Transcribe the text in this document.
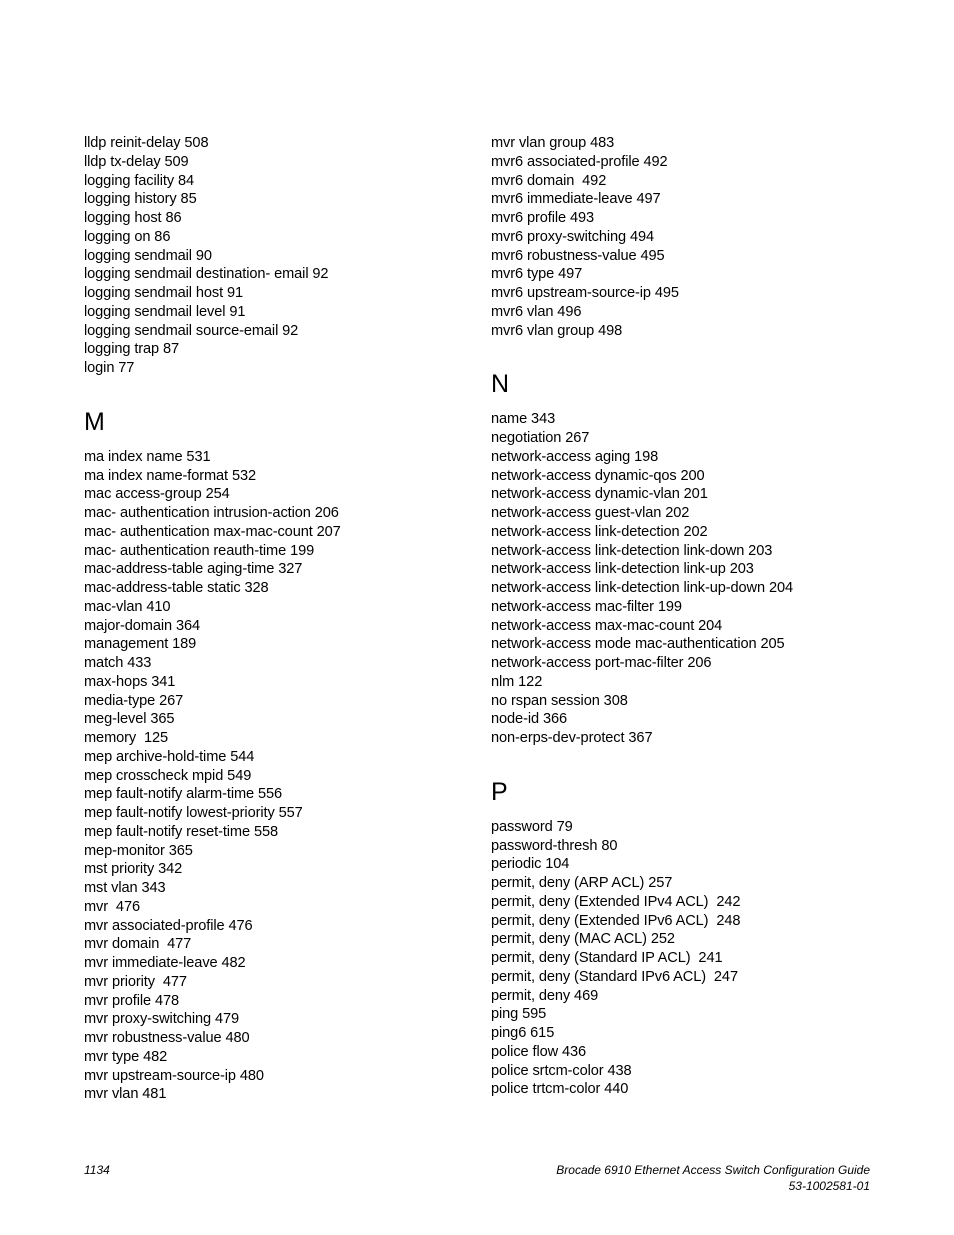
lldp reinit-delay 508
lldp tx-delay 509
logging facility 84
logging history 85
logging host 86
logging on 86
logging sendmail 90
logging sendmail destination- email 92
logging sendmail host 91
logging sendmail level 91
logging sendmail source-email 92
logging trap 87
login 77
M
ma index name 531
ma index name-format 532
mac access-group 254
mac- authentication intrusion-action 206
mac- authentication max-mac-count 207
mac- authentication reauth-time 199
mac-address-table aging-time 327
mac-address-table static 328
mac-vlan 410
major-domain 364
management 189
match 433
max-hops 341
media-type 267
meg-level 365
memory  125
mep archive-hold-time 544
mep crosscheck mpid 549
mep fault-notify alarm-time 556
mep fault-notify lowest-priority 557
mep fault-notify reset-time 558
mep-monitor 365
mst priority 342
mst vlan 343
mvr  476
mvr associated-profile 476
mvr domain  477
mvr immediate-leave 482
mvr priority  477
mvr profile 478
mvr proxy-switching 479
mvr robustness-value 480
mvr type 482
mvr upstream-source-ip 480
mvr vlan 481
mvr vlan group 483
mvr6 associated-profile 492
mvr6 domain  492
mvr6 immediate-leave 497
mvr6 profile 493
mvr6 proxy-switching 494
mvr6 robustness-value 495
mvr6 type 497
mvr6 upstream-source-ip 495
mvr6 vlan 496
mvr6 vlan group 498
N
name 343
negotiation 267
network-access aging 198
network-access dynamic-qos 200
network-access dynamic-vlan 201
network-access guest-vlan 202
network-access link-detection 202
network-access link-detection link-down 203
network-access link-detection link-up 203
network-access link-detection link-up-down 204
network-access mac-filter 199
network-access max-mac-count 204
network-access mode mac-authentication 205
network-access port-mac-filter 206
nlm 122
no rspan session 308
node-id 366
non-erps-dev-protect 367
P
password 79
password-thresh 80
periodic 104
permit, deny (ARP ACL) 257
permit, deny (Extended IPv4 ACL)  242
permit, deny (Extended IPv6 ACL)  248
permit, deny (MAC ACL) 252
permit, deny (Standard IP ACL)  241
permit, deny (Standard IPv6 ACL)  247
permit, deny 469
ping 595
ping6 615
police flow 436
police srtcm-color 438
police trtcm-color 440
1134	Brocade 6910 Ethernet Access Switch Configuration Guide
53-1002581-01
